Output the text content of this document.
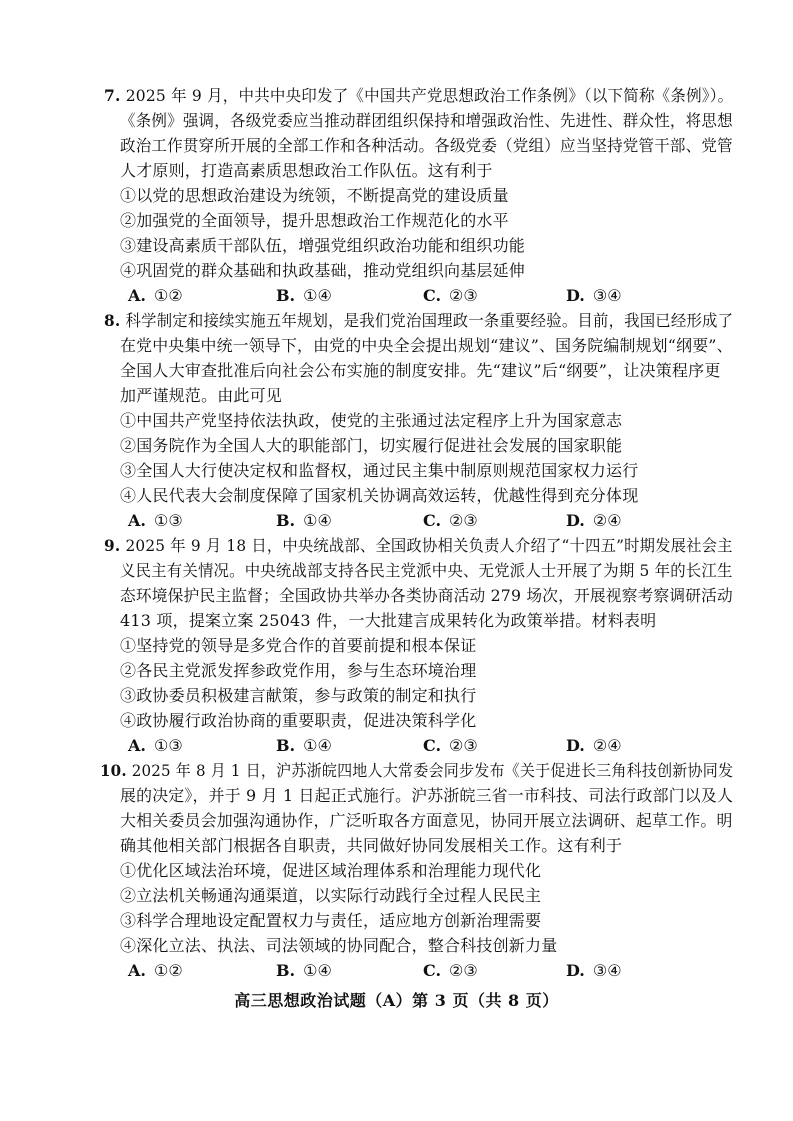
7. 2025 年 9 月，中共中央印发了《中国共产党思想政治工作条例》（以下简称《条例》）。
《条例》强调，各级党委应当推动群团组织保持和增强政治性、先进性、群众性，将思想
政治工作贯穿所开展的全部工作和各种活动。各级党委（党组）应当坚持党管干部、党管
人才原则，打造高素质思想政治工作队伍。这有利于
①以党的思想政治建设为统领，不断提高党的建设质量
②加强党的全面领导，提升思想政治工作规范化的水平
③建设高素质干部队伍，增强党组织政治功能和组织功能
④巩固党的群众基础和执政基础，推动党组织向基层延伸
A. ①②	B. ①④	C. ②③	D. ③④
8. 科学制定和接续实施五年规划，是我们党治国理政一条重要经验。目前，我国已经形成了
在党中央集中统一领导下，由党的中央全会提出规划“建议”、国务院编制规划“纲要”、
全国人大审查批准后向社会公布实施的制度安排。先“建议”后“纲要”，让决策程序更
加严谨规范。由此可见
①中国共产党坚持依法执政，使党的主张通过法定程序上升为国家意志
②国务院作为全国人大的职能部门，切实履行促进社会发展的国家职能
③全国人大行使决定权和监督权，通过民主集中制原则规范国家权力运行
④人民代表大会制度保障了国家机关协调高效运转，优越性得到充分体现
A. ①③	B. ①④	C. ②③	D. ②④
9. 2025 年 9 月 18 日，中央统战部、全国政协相关负责人介绍了“十四五”时期发展社会主
义民主有关情况。中央统战部支持各民主党派中央、无党派人士开展了为期 5 年的长江生
态环境保护民主监督；全国政协共举办各类协商活动 279 场次，开展视察考察调研活动
413 项，提案立案 25043 件，一大批建言成果转化为政策举措。材料表明
①坚持党的领导是多党合作的首要前提和根本保证
②各民主党派发挥参政党作用，参与生态环境治理
③政协委员积极建言献策，参与政策的制定和执行
④政协履行政治协商的重要职责，促进决策科学化
A. ①③	B. ①④	C. ②③	D. ②④
10. 2025 年 8 月 1 日，沪苏浙皖四地人大常委会同步发布《关于促进长三角科技创新协同发
展的决定》，并于 9 月 1 日起正式施行。沪苏浙皖三省一市科技、司法行政部门以及人
大相关委员会加强沟通协作，广泛听取各方面意见，协同开展立法调研、起草工作。明
确其他相关部门根据各自职责，共同做好协同发展相关工作。这有利于
①优化区域法治环境，促进区域治理体系和治理能力现代化
②立法机关畅通沟通渠道，以实际行动践行全过程人民民主
③科学合理地设定配置权力与责任，适应地方创新治理需要
④深化立法、执法、司法领域的协同配合，整合科技创新力量
A. ①②	B. ①④	C. ②③	D. ③④
高三思想政治试题（A）第 3 页（共 8 页）
